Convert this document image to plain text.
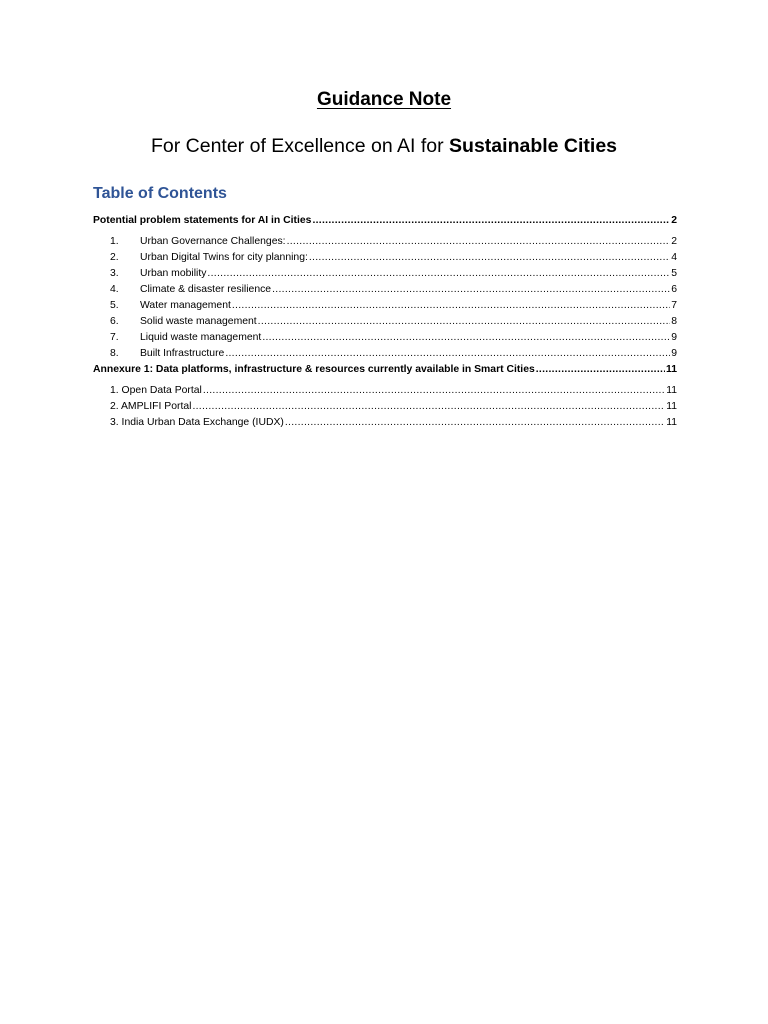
Guidance Note
For Center of Excellence on AI for Sustainable Cities
Table of Contents
Potential problem statements for AI in Cities .....	2
1.	Urban Governance Challenges: .....	2
2.	Urban Digital Twins for city planning: .....	4
3.	Urban mobility .....	5
4.	Climate & disaster resilience .....	6
5.	Water management .....	7
6.	Solid waste management .....	8
7.	Liquid waste management .....	9
8.	Built Infrastructure .....	9
Annexure 1: Data platforms, infrastructure & resources currently available in Smart Cities .....	11
1. Open Data Portal .....	11
2. AMPLIFI Portal .....	11
3. India Urban Data Exchange (IUDX) .....	11
